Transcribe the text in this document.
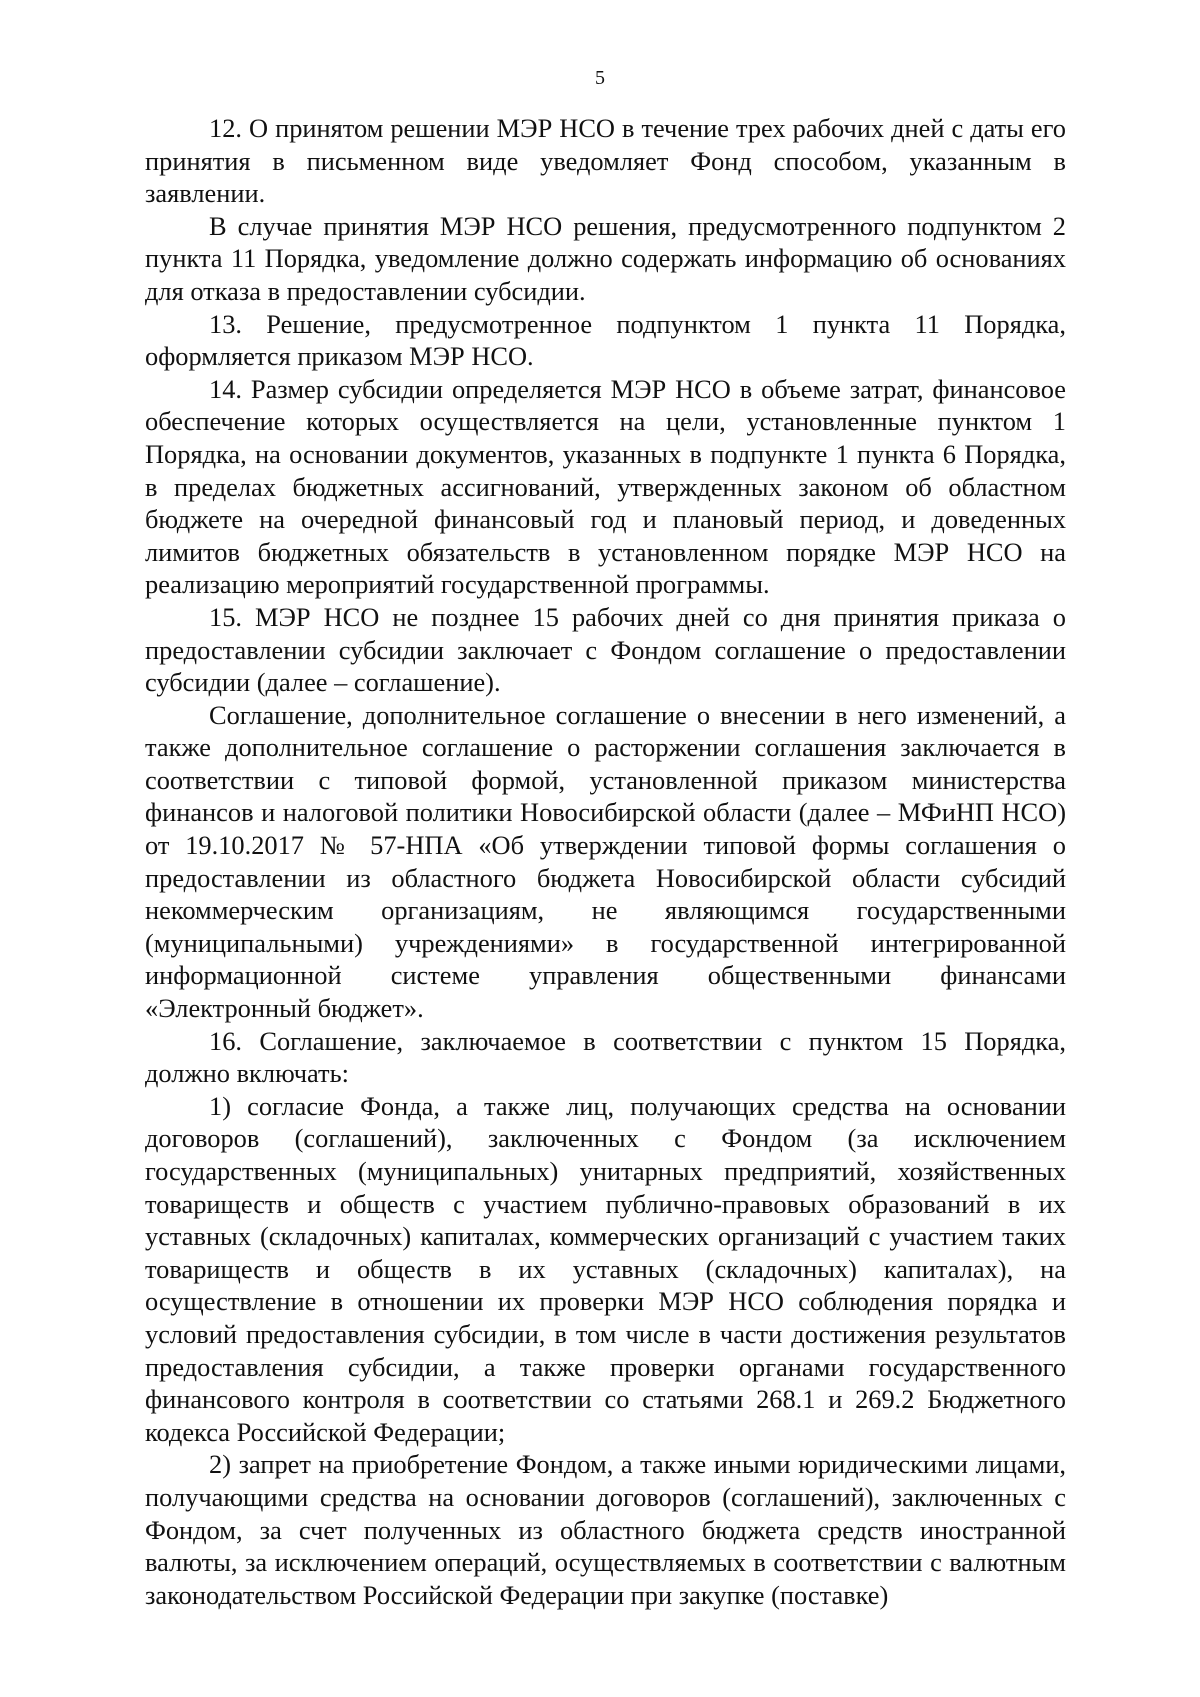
5

12. О принятом решении МЭР НСО в течение трех рабочих дней с даты его принятия в письменном виде уведомляет Фонд способом, указанным в заявлении.

В случае принятия МЭР НСО решения, предусмотренного подпунктом 2 пункта 11 Порядка, уведомление должно содержать информацию об основаниях для отказа в предоставлении субсидии.

13. Решение, предусмотренное подпунктом 1 пункта 11 Порядка, оформляется приказом МЭР НСО.

14. Размер субсидии определяется МЭР НСО в объеме затрат, финансовое обеспечение которых осуществляется на цели, установленные пунктом 1 Порядка, на основании документов, указанных в подпункте 1 пункта 6 Порядка, в пределах бюджетных ассигнований, утвержденных законом об областном бюджете на очередной финансовый год и плановый период, и доведенных лимитов бюджетных обязательств в установленном порядке МЭР НСО на реализацию мероприятий государственной программы.

15. МЭР НСО не позднее 15 рабочих дней со дня принятия приказа о предоставлении субсидии заключает с Фондом соглашение о предоставлении субсидии (далее – соглашение).

Соглашение, дополнительное соглашение о внесении в него изменений, а также дополнительное соглашение о расторжении соглашения заключается в соответствии с типовой формой, установленной приказом министерства финансов и налоговой политики Новосибирской области (далее – МФиНП НСО) от 19.10.2017 № 57-НПА «Об утверждении типовой формы соглашения о предоставлении из областного бюджета Новосибирской области субсидий некоммерческим организациям, не являющимся государственными (муниципальными) учреждениями» в государственной интегрированной информационной системе управления общественными финансами «Электронный бюджет».

16. Соглашение, заключаемое в соответствии с пунктом 15 Порядка, должно включать:

1) согласие Фонда, а также лиц, получающих средства на основании договоров (соглашений), заключенных с Фондом (за исключением государственных (муниципальных) унитарных предприятий, хозяйственных товариществ и обществ с участием публично-правовых образований в их уставных (складочных) капиталах, коммерческих организаций с участием таких товариществ и обществ в их уставных (складочных) капиталах), на осуществление в отношении их проверки МЭР НСО соблюдения порядка и условий предоставления субсидии, в том числе в части достижения результатов предоставления субсидии, а также проверки органами государственного финансового контроля в соответствии со статьями 268.1 и 269.2 Бюджетного кодекса Российской Федерации;

2) запрет на приобретение Фондом, а также иными юридическими лицами, получающими средства на основании договоров (соглашений), заключенных с Фондом, за счет полученных из областного бюджета средств иностранной валюты, за исключением операций, осуществляемых в соответствии с валютным законодательством Российской Федерации при закупке (поставке)
